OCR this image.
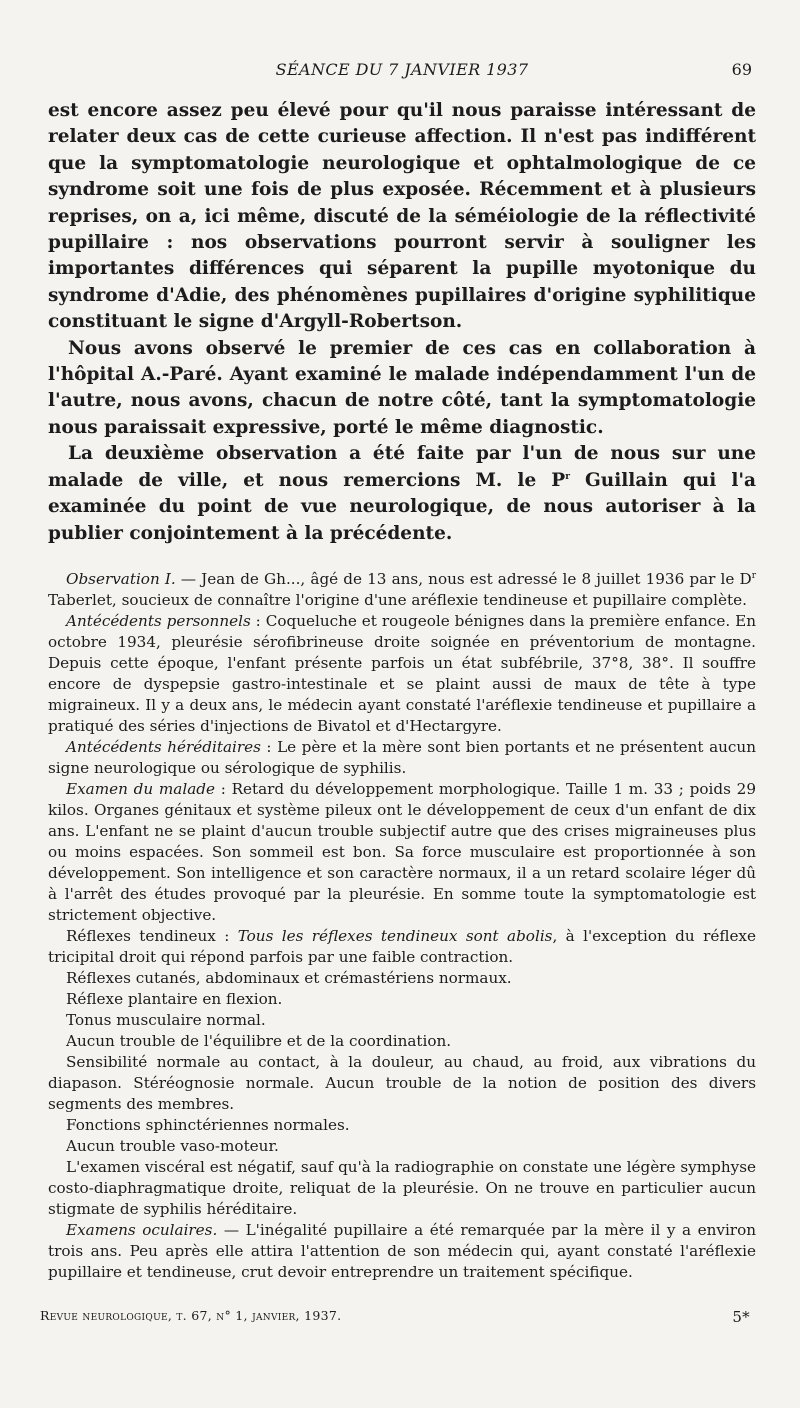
SÉANCE DU 7 JANVIER 1937	69

est encore assez peu élevé pour qu'il nous paraisse intéressant de relater deux cas de cette curieuse affection. Il n'est pas indifférent que la symptomatologie neurologique et ophtalmologique de ce syndrome soit une fois de plus exposée. Récemment et à plusieurs reprises, on a, ici même, discuté de la séméiologie de la réflectivité pupillaire : nos observations pourront servir à souligner les importantes différences qui séparent la pupille myotonique du syndrome d'Adie, des phénomènes pupillaires d'origine syphilitique constituant le signe d'Argyll-Robertson.

Nous avons observé le premier de ces cas en collaboration à l'hôpital A.-Paré. Ayant examiné le malade indépendamment l'un de l'autre, nous avons, chacun de notre côté, tant la symptomatologie nous paraissait expressive, porté le même diagnostic.

La deuxième observation a été faite par l'un de nous sur une malade de ville, et nous remercions M. le $P^r$ Guillain qui l'a examinée du point de vue neurologique, de nous autoriser à la publier conjointement à la précédente.

Observation I. — Jean de Gh..., âgé de 13 ans, nous est adressé le 8 juillet 1936 par le $D^r$ Taberlet, soucieux de connaître l'origine d'une aréflexie tendineuse et pupillaire complète.

Antécédents personnels : Coqueluche et rougeole bénignes dans la première enfance. En octobre 1934, pleurésie sérofibrineuse droite soignée en préventorium de montagne. Depuis cette époque, l'enfant présente parfois un état subfébrile, 37°8, 38°. Il souffre encore de dyspepsie gastro-intestinale et se plaint aussi de maux de tête à type migraineux. Il y a deux ans, le médecin ayant constaté l'aréflexie tendineuse et pupillaire a pratiqué des séries d'injections de Bivatol et d'Hectargyre.

Antécédents héréditaires : Le père et la mère sont bien portants et ne présentent aucun signe neurologique ou sérologique de syphilis.

Examen du malade : Retard du développement morphologique. Taille 1 m. 33 ; poids 29 kilos. Organes génitaux et système pileux ont le développement de ceux d'un enfant de dix ans. L'enfant ne se plaint d'aucun trouble subjectif autre que des crises migraineuses plus ou moins espacées. Son sommeil est bon. Sa force musculaire est proportionnée à son développement. Son intelligence et son caractère normaux, il a un retard scolaire léger dû à l'arrêt des études provoqué par la pleurésie. En somme toute la symptomatologie est strictement objective.

Réflexes tendineux : Tous les réflexes tendineux sont abolis, à l'exception du réflexe tricipital droit qui répond parfois par une faible contraction.

Réflexes cutanés, abdominaux et crémastériens normaux.

Réflexe plantaire en flexion.

Tonus musculaire normal.

Aucun trouble de l'équilibre et de la coordination.

Sensibilité normale au contact, à la douleur, au chaud, au froid, aux vibrations du diapason. Stéréognosie normale. Aucun trouble de la notion de position des divers segments des membres.

Fonctions sphinctériennes normales.

Aucun trouble vaso-moteur.

L'examen viscéral est négatif, sauf qu'à la radiographie on constate une légère symphyse costo-diaphragmatique droite, reliquat de la pleurésie. On ne trouve en particulier aucun stigmate de syphilis héréditaire.

Examens oculaires. — L'inégalité pupillaire a été remarquée par la mère il y a environ trois ans. Peu après elle attira l'attention de son médecin qui, ayant constaté l'aréflexie pupillaire et tendineuse, crut devoir entreprendre un traitement spécifique.

Revue neurologique, t. 67, n° 1, janvier, 1937.	5*
